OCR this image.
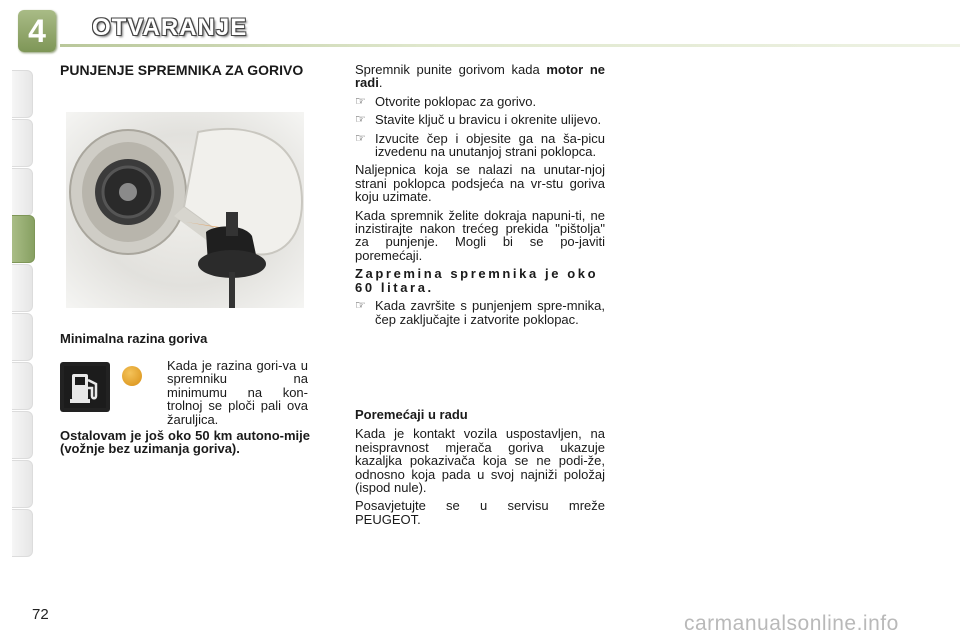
4	OTVARANJE
PUNJENJE SPREMNIKA ZA GORIVO
Minimalna razina goriva
Kada je razina gori-va u spremniku na minimumu na kon-trolnoj se ploči pali ova žaruljica.
Ostalovam je još oko 50 km autono-mije (vožnje bez uzimanja goriva).

Spremnik punite gorivom kada motor ne radi.

☞ Otvorite poklopac za gorivo.
☞ Stavite ključ u bravicu i okrenite ulijevo.
☞ Izvucite čep i objesite ga na ša-picu izvedenu na unutanjoj strani poklopca.

Naljepnica koja se nalazi na unutar-njoj strani poklopca podsjeća na vr-stu goriva koju uzimate.

Kada spremnik želite dokraja napuni-ti, ne inzistirajte nakon trećeg prekida "pištolja" za punjenje. Mogli bi se po-javiti poremećaji.

Zapremina spremnika je oko 60 litara.

☞ Kada završite s punjenjem spre-mnika, čep zaključajte i zatvorite poklopac.

Poremećaji u radu

Kada je kontakt vozila uspostavljen, na neispravnost mjerača goriva ukazuje kazaljka pokazivača koja se ne podi-že, odnosno koja pada u svoj najniži položaj (ispod nule).

Posavjetujte se u servisu mreže PEUGEOT.

72	carmanualsonline.info
